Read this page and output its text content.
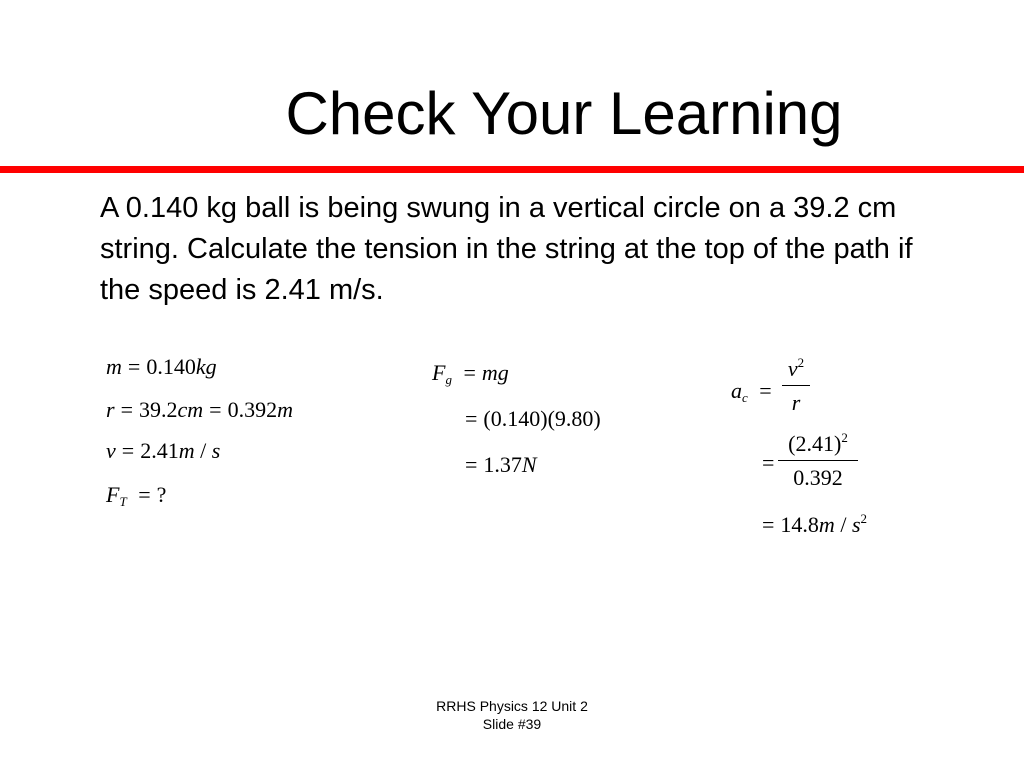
Check Your Learning
A 0.140 kg ball is being swung in a vertical circle on a 39.2 cm string. Calculate the tension in the string at the top of the path if the speed is 2.41 m/s.
m = 0.140kg
r = 39.2cm = 0.392m
v = 2.41m / s
$F_T$ = ?
$F_g$ = mg
= (0.140)(9.80)
= 1.37N
$a_c = \frac{v^2}{r}$
= $\frac{(2.41)^2}{0.392}$
= $14.8m / s^2$
RRHS Physics 12 Unit 2
Slide #39
